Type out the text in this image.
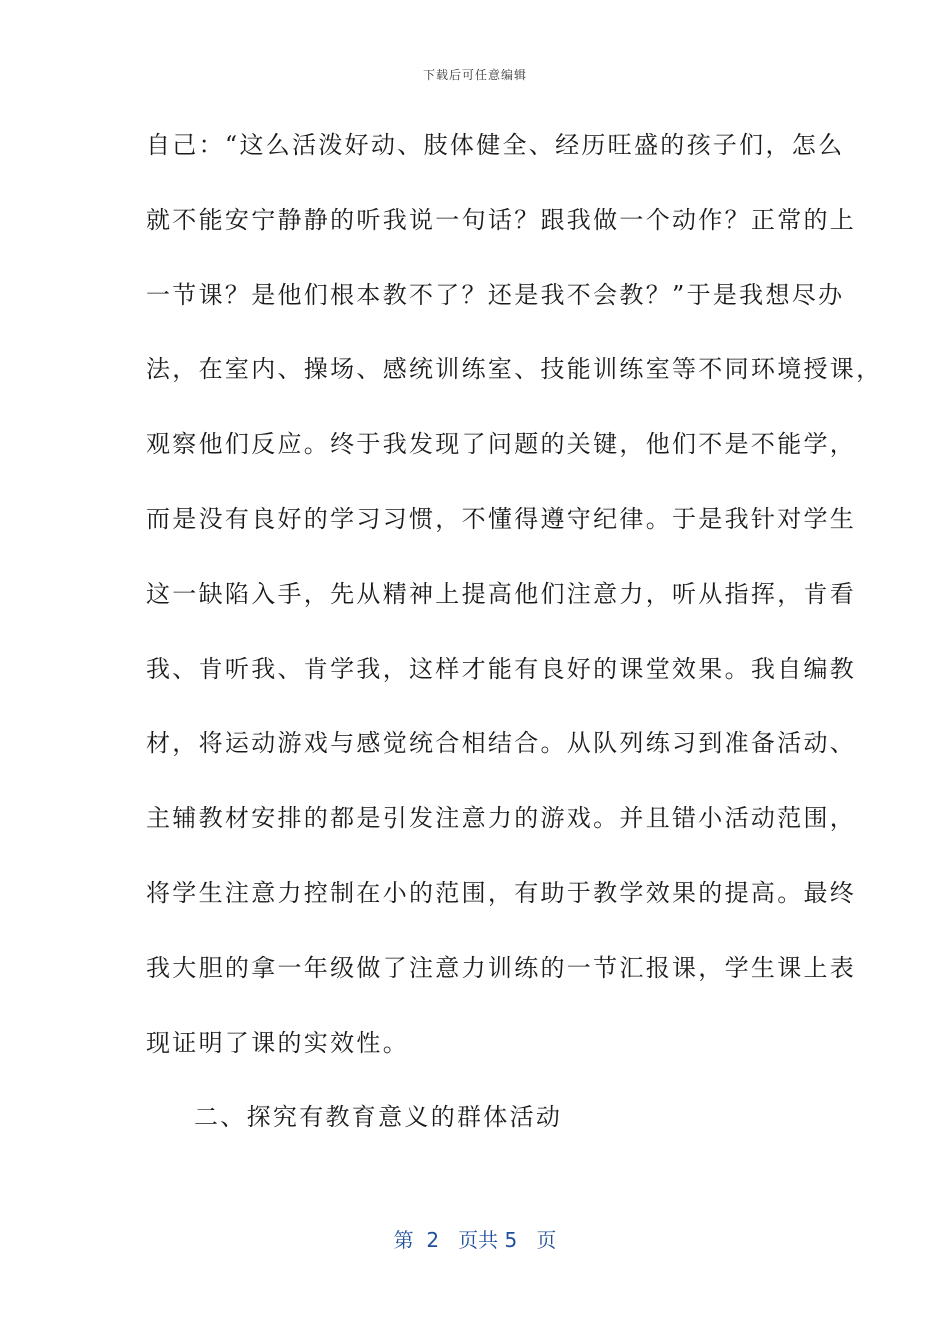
下载后可任意编辑
自己：“这么活泼好动、肢体健全、经历旺盛的孩子们，怎么
就不能安宁静静的听我说一句话？跟我做一个动作？正常的上
一节课？是他们根本教不了？还是我不会教？”于是我想尽办
法，在室内、操场、感统训练室、技能训练室等不同环境授课，
观察他们反应。终于我发现了问题的关键，他们不是不能学，
而是没有良好的学习习惯，不懂得遵守纪律。于是我针对学生
这一缺陷入手，先从精神上提高他们注意力，听从指挥，肯看
我、肯听我、肯学我，这样才能有良好的课堂效果。我自编教
材，将运动游戏与感觉统合相结合。从队列练习到准备活动、
主辅教材安排的都是引发注意力的游戏。并且错小活动范围，
将学生注意力控制在小的范围，有助于教学效果的提高。最终
我大胆的拿一年级做了注意力训练的一节汇报课，学生课上表
现证明了课的实效性。
二、探究有教育意义的群体活动
第  2   页共 5   页
